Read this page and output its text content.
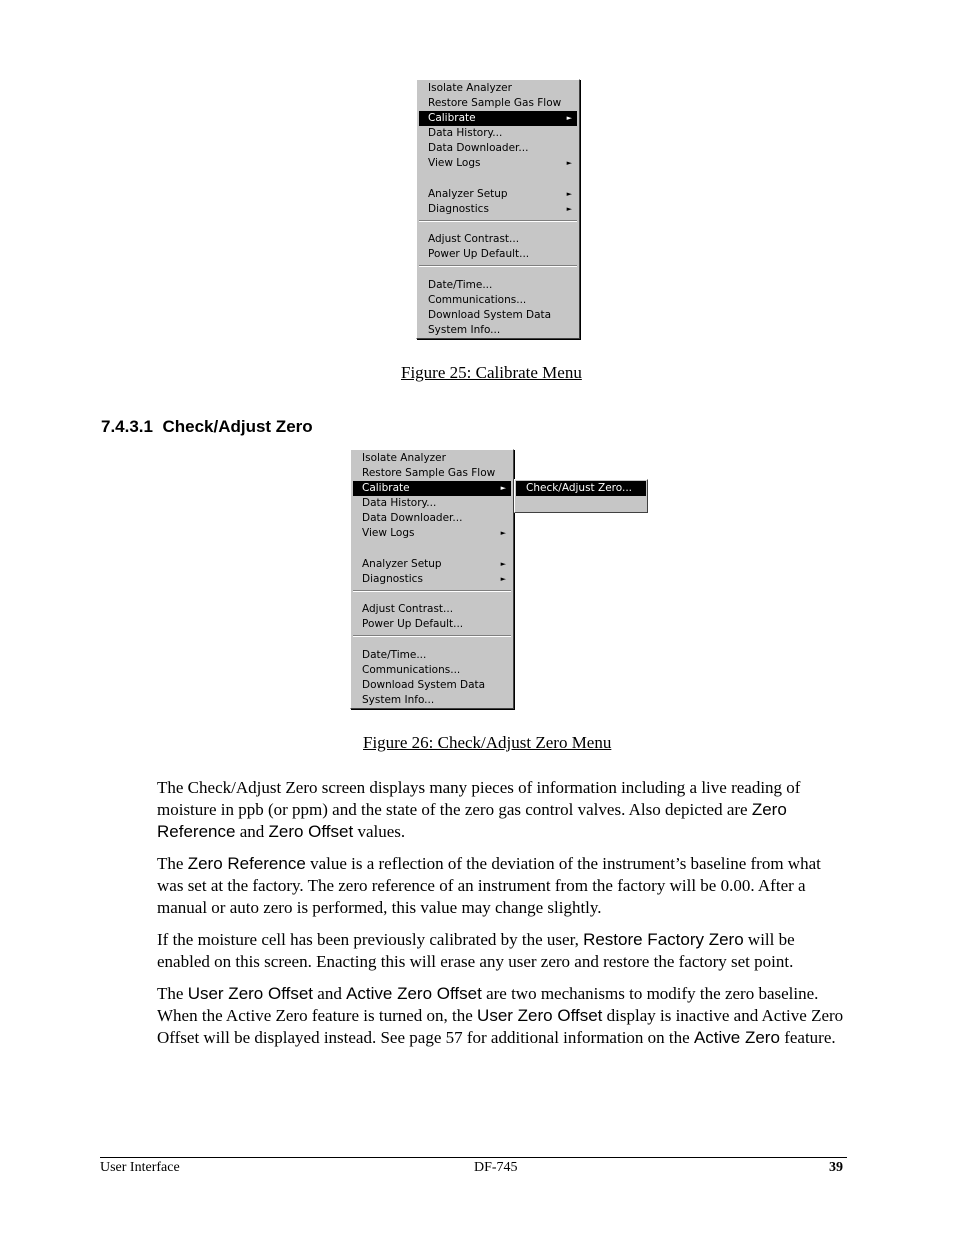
Isolate Analyzer
Restore Sample Gas Flow
Calibrate	►
Data History...
Data Downloader...
View Logs	►
Analyzer Setup	►
Diagnostics	►
Adjust Contrast...
Power Up Default...
Date/Time...
Communications...
Download System Data
System Info...
Figure 25: Calibrate Menu
7.4.3.1 Check/Adjust Zero
Isolate Analyzer
Restore Sample Gas Flow
Calibrate	►
Data History...
Data Downloader...
View Logs	►
Analyzer Setup	►
Diagnostics	►
Adjust Contrast...
Power Up Default...
Date/Time...
Communications...
Download System Data
System Info...
Check/Adjust Zero...
Figure 26: Check/Adjust Zero Menu

The Check/Adjust Zero screen displays many pieces of information including a live reading of moisture in ppb (or ppm) and the state of the zero gas control valves. Also depicted are Zero Reference and Zero Offset values.

The Zero Reference value is a reflection of the deviation of the instrument’s baseline from what was set at the factory. The zero reference of an instrument from the factory will be 0.00. After a manual or auto zero is performed, this value may change slightly.

If the moisture cell has been previously calibrated by the user, Restore Factory Zero will be enabled on this screen. Enacting this will erase any user zero and restore the factory set point.

The User Zero Offset and Active Zero Offset are two mechanisms to modify the zero baseline. When the Active Zero feature is turned on, the User Zero Offset display is inactive and Active Zero Offset will be displayed instead. See page 57 for additional information on the Active Zero feature.

User Interface	DF-745	39
